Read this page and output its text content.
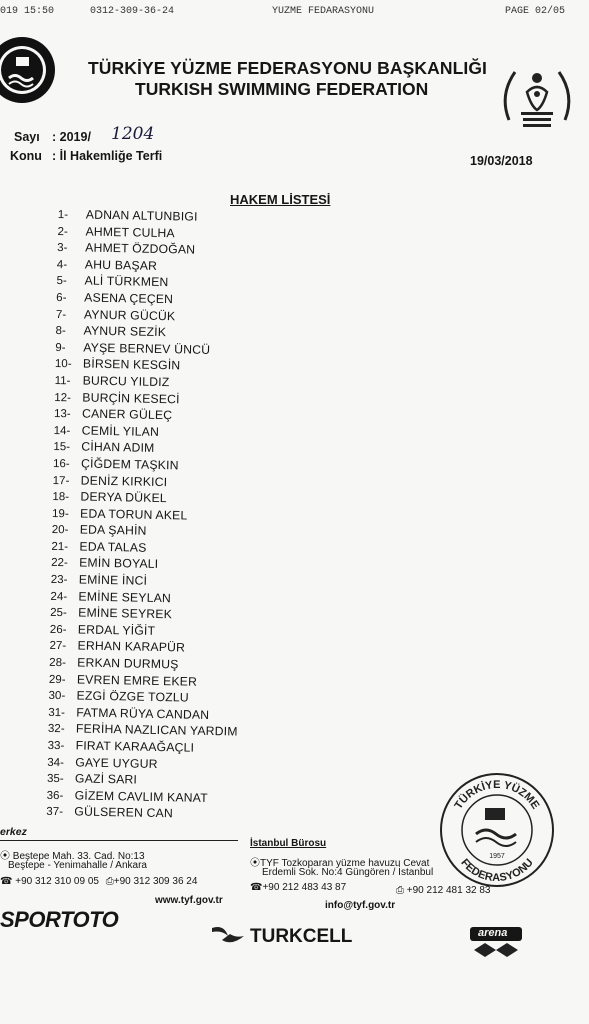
019 15:50	0312-309-36-24	YUZME FEDARASYONU	PAGE 02/05
TÜRKİYE YÜZME FEDERASYONU BAŞKANLIĞI
TURKISH SWIMMING FEDERATION
Sayı : 2019/ 1204
Konu : İl Hakemliğe Terfi	19/03/2018
HAKEM LİSTESİ
1- ADNAN ALTUNBIGI
2- AHMET CULHA
3- AHMET ÖZDOĞAN
4- AHU BAŞAR
5- ALİ TÜRKMEN
6- ASENA ÇEÇEN
7- AYNUR GÜCÜK
8- AYNUR SEZİK
9- AYŞE BERNEV ÜNCÜ
10- BİRSEN KESGİN
11- BURCU YILDIZ
12- BURÇİN KESECİ
13- CANER GÜLEÇ
14- CEMİL YILAN
15- CİHAN ADIM
16- ÇİĞDEM TAŞKIN
17- DENİZ KIRKICI
18- DERYA DÜKEL
19- EDA TORUN AKEL
20- EDA ŞAHİN
21- EDA TALAS
22- EMİN BOYALI
23- EMİNE İNCİ
24- EMİNE SEYLAN
25- EMİNE SEYREK
26- ERDAL YİĞİT
27- ERHAN KARAPÜR
28- ERKAN DURMUŞ
29- EVREN EMRE EKER
30- EZGİ ÖZGE TOZLU
31- FATMA RÜYA CANDAN
32- FERİHA NAZLICAN YARDIM
33- FIRAT KARAAĞAÇLI
34- GAYE UYGUR
35- GAZİ SARI
36- GİZEM CAVLIM KANAT
37- GÜLSEREN CAN	TÜRKİYE YÜZME
FEDERASYONU
1957
erkez
⦿ Beştepe Mah. 33. Cad. No:13
Beştepe - Yenimahalle / Ankara
☎ +90 312 310 09 05 ⎙+90 312 309 36 24
www.tyf.gov.tr
İstanbul Bürosu
⦿TYF Tozkoparan yüzme havuzu Cevat
Erdemli Sok. No:4 Güngören / İstanbul
☎+90 212 483 43 87	⎙ +90 212 481 32 83
info@tyf.gov.tr
SPORTOTO
TURKCELL	arena
